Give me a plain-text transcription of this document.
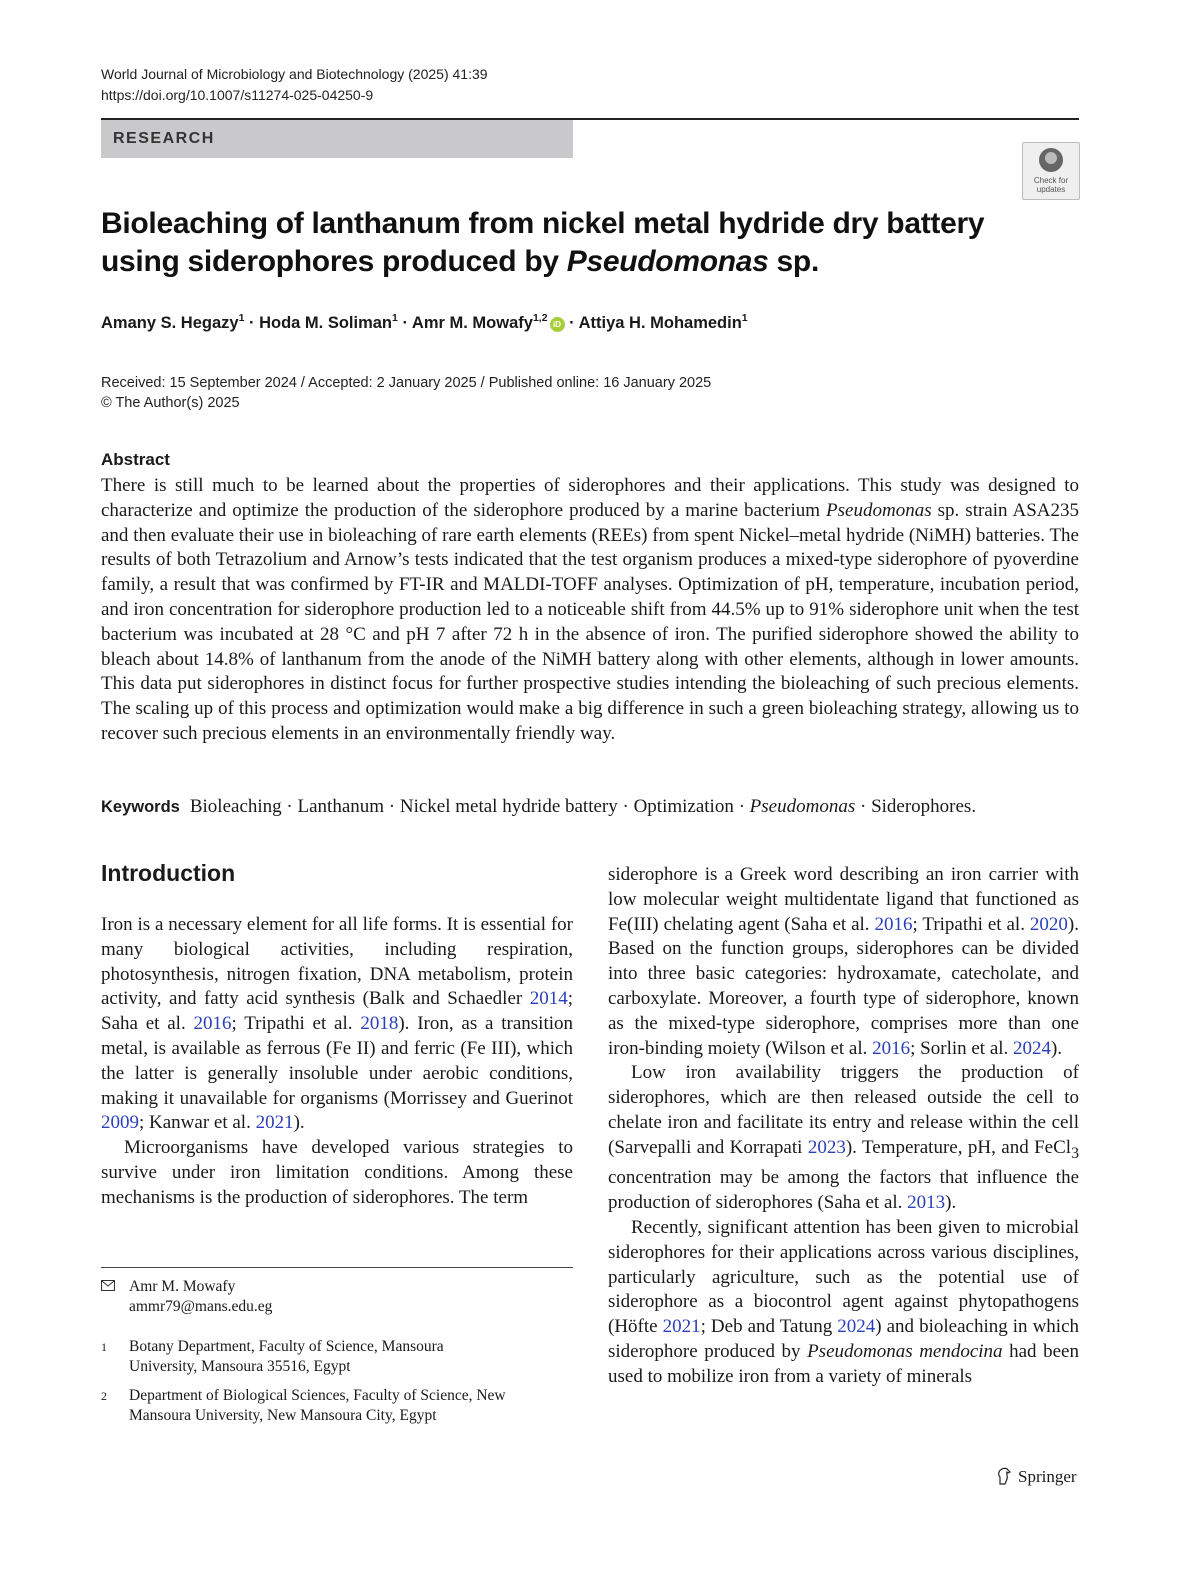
World Journal of Microbiology and Biotechnology (2025) 41:39
https://doi.org/10.1007/s11274-025-04250-9
RESEARCH
Check for updates
Bioleaching of lanthanum from nickel metal hydride dry battery using siderophores produced by Pseudomonas sp.
Amany S. Hegazy$^1$ · Hoda M. Soliman$^1$ · Amr M. Mowafy$^{1,2}$iD · Attiya H. Mohamedin$^1$
Received: 15 September 2024 / Accepted: 2 January 2025 / Published online: 16 January 2025
© The Author(s) 2025
Abstract

There is still much to be learned about the properties of siderophores and their applications. This study was designed to characterize and optimize the production of the siderophore produced by a marine bacterium Pseudomonas sp. strain ASA235 and then evaluate their use in bioleaching of rare earth elements (REEs) from spent Nickel–metal hydride (NiMH) batteries. The results of both Tetrazolium and Arnow’s tests indicated that the test organism produces a mixed-type siderophore of pyoverdine family, a result that was confirmed by FT-IR and MALDI-TOFF analyses. Optimization of pH, temperature, incubation period, and iron concentration for siderophore production led to a noticeable shift from 44.5% up to 91% siderophore unit when the test bacterium was incubated at 28 °C and pH 7 after 72 h in the absence of iron. The purified siderophore showed the ability to bleach about 14.8% of lanthanum from the anode of the NiMH battery along with other elements, although in lower amounts. This data put siderophores in distinct focus for further prospective studies intending the bioleaching of such precious elements. The scaling up of this process and optimization would make a big difference in such a green bioleaching strategy, allowing us to recover such precious elements in an environmentally friendly way.

Keywords Bioleaching · Lanthanum · Nickel metal hydride battery · Optimization · Pseudomonas · Siderophores.
Introduction

Iron is a necessary element for all life forms. It is essential for many biological activities, including respiration, photosynthesis, nitrogen fixation, DNA metabolism, protein activity, and fatty acid synthesis (Balk and Schaedler 2014; Saha et al. 2016; Tripathi et al. 2018). Iron, as a transition metal, is available as ferrous (Fe II) and ferric (Fe III), which the latter is generally insoluble under aerobic conditions, making it unavailable for organisms (Morrissey and Guerinot 2009; Kanwar et al. 2021).

Microorganisms have developed various strategies to survive under iron limitation conditions. Among these mechanisms is the production of siderophores. The term

siderophore is a Greek word describing an iron carrier with low molecular weight multidentate ligand that functioned as Fe(III) chelating agent (Saha et al. 2016; Tripathi et al. 2020). Based on the function groups, siderophores can be divided into three basic categories: hydroxamate, catecholate, and carboxylate. Moreover, a fourth type of siderophore, known as the mixed-type siderophore, comprises more than one iron-binding moiety (Wilson et al. 2016; Sorlin et al. 2024).

Low iron availability triggers the production of siderophores, which are then released outside the cell to chelate iron and facilitate its entry and release within the cell (Sarvepalli and Korrapati 2023). Temperature, pH, and FeCl$_3$ concentration may be among the factors that influence the production of siderophores (Saha et al. 2013).

Recently, significant attention has been given to microbial siderophores for their applications across various disciplines, particularly agriculture, such as the potential use of siderophore as a biocontrol agent against phytopathogens (Höfte 2021; Deb and Tatung 2024) and bioleaching in which siderophore produced by Pseudomonas mendocina had been used to mobilize iron from a variety of minerals

Amr M. Mowafy
ammr79@mans.edu.eg
1 Botany Department, Faculty of Science, Mansoura
University, Mansoura 35516, Egypt
2 Department of Biological Sciences, Faculty of Science, New
Mansoura University, New Mansoura City, Egypt
Springer
